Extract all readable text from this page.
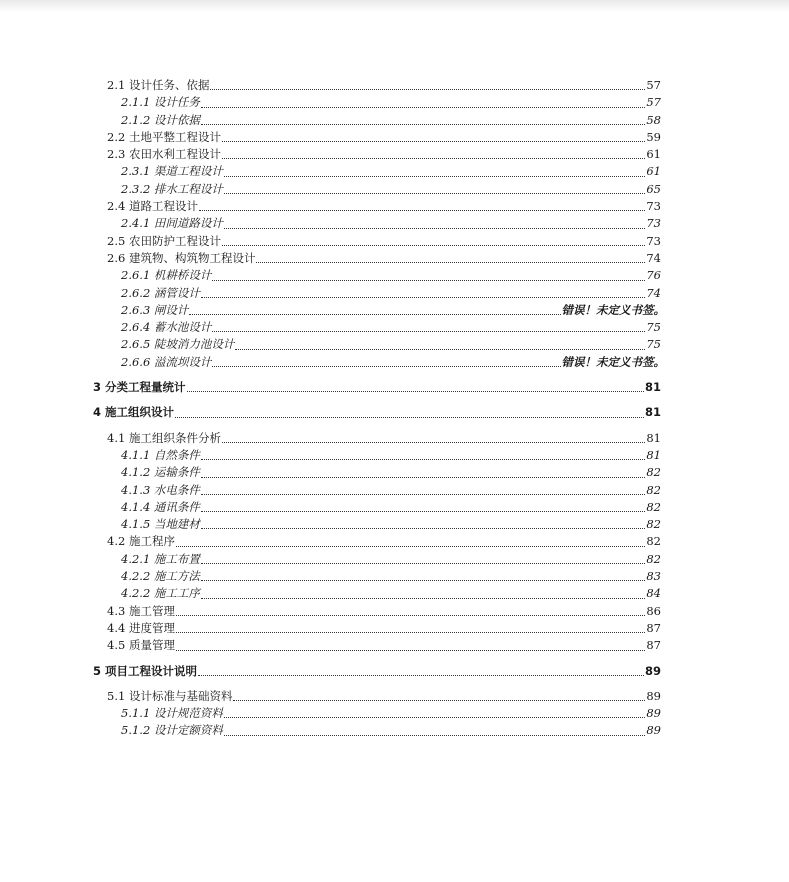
2.1 设计任务、依据	57
2.1.1 设计任务	57
2.1.2 设计依据	58
2.2 土地平整工程设计	59
2.3 农田水利工程设计	61
2.3.1 渠道工程设计	61
2.3.2 排水工程设计	65
2.4 道路工程设计	73
2.4.1 田间道路设计	73
2.5 农田防护工程设计	73
2.6 建筑物、构筑物工程设计	74
2.6.1 机耕桥设计	76
2.6.2 涵管设计	74
2.6.3 闸设计	错误！未定义书签。
2.6.4 蓄水池设计	75
2.6.5 陡坡消力池设计	75
2.6.6 溢流坝设计	错误！未定义书签。
3 分类工程量统计	81
4 施工组织设计	81
4.1 施工组织条件分析	81
4.1.1 自然条件	81
4.1.2 运输条件	82
4.1.3 水电条件	82
4.1.4 通讯条件	82
4.1.5 当地建材	82
4.2 施工程序	82
4.2.1 施工布置	82
4.2.2 施工方法	83
4.2.2 施工工序	84
4.3 施工管理	86
4.4 进度管理	87
4.5 质量管理	87
5 项目工程设计说明	89
5.1 设计标准与基础资料	89
5.1.1 设计规范资料	89
5.1.2 设计定额资料	89
